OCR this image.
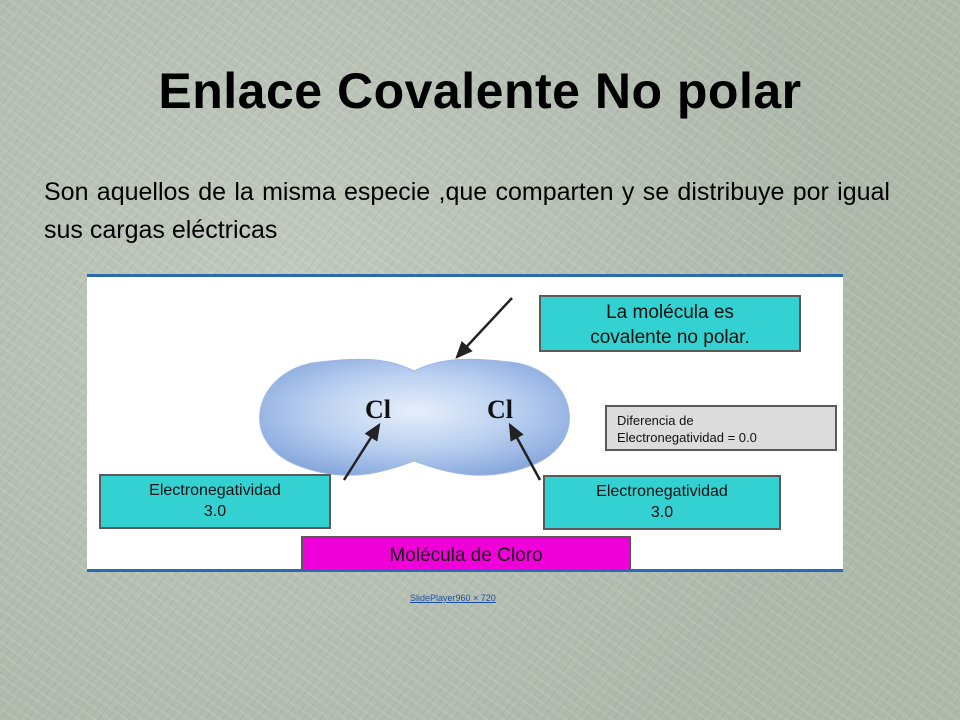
Enlace Covalente No polar
Son aquellos de la misma especie ,que comparten y se distribuye por igual sus cargas eléctricas
Cl	Cl
La molécula es
covalente no polar.
Diferencia de
Electronegatividad = 0.0
Electronegatividad
3.0
Electronegatividad
3.0
Molécula de Cloro
SlidePlayer960 × 720
